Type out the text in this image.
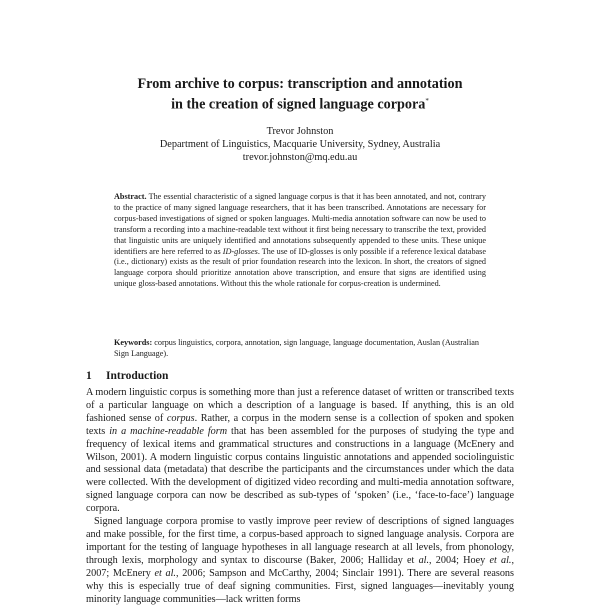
From archive to corpus: transcription and annotation
in the creation of signed language corpora*
Trevor Johnston
Department of Linguistics, Macquarie University, Sydney, Australia
trevor.johnston@mq.edu.au
Abstract. The essential characteristic of a signed language corpus is that it has been annotated, and not, contrary to the practice of many signed language researchers, that it has been transcribed. Annotations are necessary for corpus-based investigations of signed or spoken languages. Multi-media annotation software can now be used to transform a recording into a machine-readable text without it first being necessary to transcribe the text, provided that linguistic units are uniquely identified and annotations subsequently appended to these units. These unique identifiers are here referred to as ID-glosses. The use of ID-glosses is only possible if a reference lexical database (i.e., dictionary) exists as the result of prior foundation research into the lexicon. In short, the creators of signed language corpora should prioritize annotation above transcription, and ensure that signs are identified using unique gloss-based annotations. Without this the whole rationale for corpus-creation is undermined.
Keywords: corpus linguistics, corpora, annotation, sign language, language documentation, Auslan (Australian Sign Language).
1 Introduction

A modern linguistic corpus is something more than just a reference dataset of written or transcribed texts of a particular language on which a description of a language is based. If anything, this is an old fashioned sense of corpus. Rather, a corpus in the modern sense is a collection of spoken and spoken texts in a machine-readable form that has been assembled for the purposes of studying the type and frequency of lexical items and grammatical structures and constructions in a language (McEnery and Wilson, 2001). A modern linguistic corpus contains linguistic annotations and appended sociolinguistic and sessional data (metadata) that describe the participants and the circumstances under which the data were collected. With the development of digitized video recording and multi-media annotation software, signed language corpora can now be described as sub-types of ‘spoken’ (i.e., ‘face-to-face’) language corpora.

Signed language corpora promise to vastly improve peer review of descriptions of signed languages and make possible, for the first time, a corpus-based approach to signed language analysis. Corpora are important for the testing of language hypotheses in all language research at all levels, from phonology, through lexis, morphology and syntax to discourse (Baker, 2006; Halliday et al., 2004; Hoey et al., 2007; McEnery et al., 2006; Sampson and McCarthy, 2004; Sinclair 1991). There are several reasons why this is especially true of deaf signing communities. First, signed languages—inevitably young minority language communities—lack written forms
